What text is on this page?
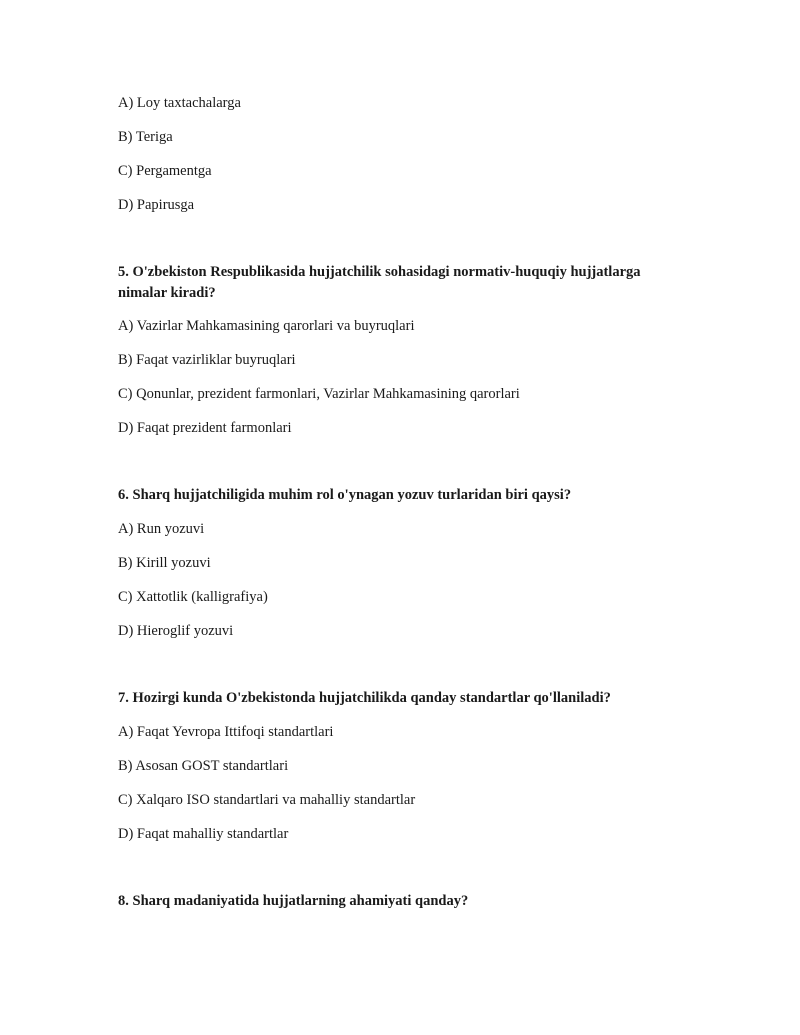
A) Loy taxtachalarga
B) Teriga
C) Pergamentga
D) Papirusga
5. O'zbekiston Respublikasida hujjatchilik sohasidagi normativ-huquqiy hujjatlarga nimalar kiradi?
A) Vazirlar Mahkamasining qarorlari va buyruqlari
B) Faqat vazirliklar buyruqlari
C) Qonunlar, prezident farmonlari, Vazirlar Mahkamasining qarorlari
D) Faqat prezident farmonlari
6. Sharq hujjatchiligida muhim rol o'ynagan yozuv turlaridan biri qaysi?
A) Run yozuvi
B) Kirill yozuvi
C) Xattotlik (kalligrafiya)
D) Hieroglif yozuvi
7. Hozirgi kunda O'zbekistonda hujjatchilikda qanday standartlar qo'llaniladi?
A) Faqat Yevropa Ittifoqi standartlari
B) Asosan GOST standartlari
C) Xalqaro ISO standartlari va mahalliy standartlar
D) Faqat mahalliy standartlar
8. Sharq madaniyatida hujjatlarning ahamiyati qanday?
